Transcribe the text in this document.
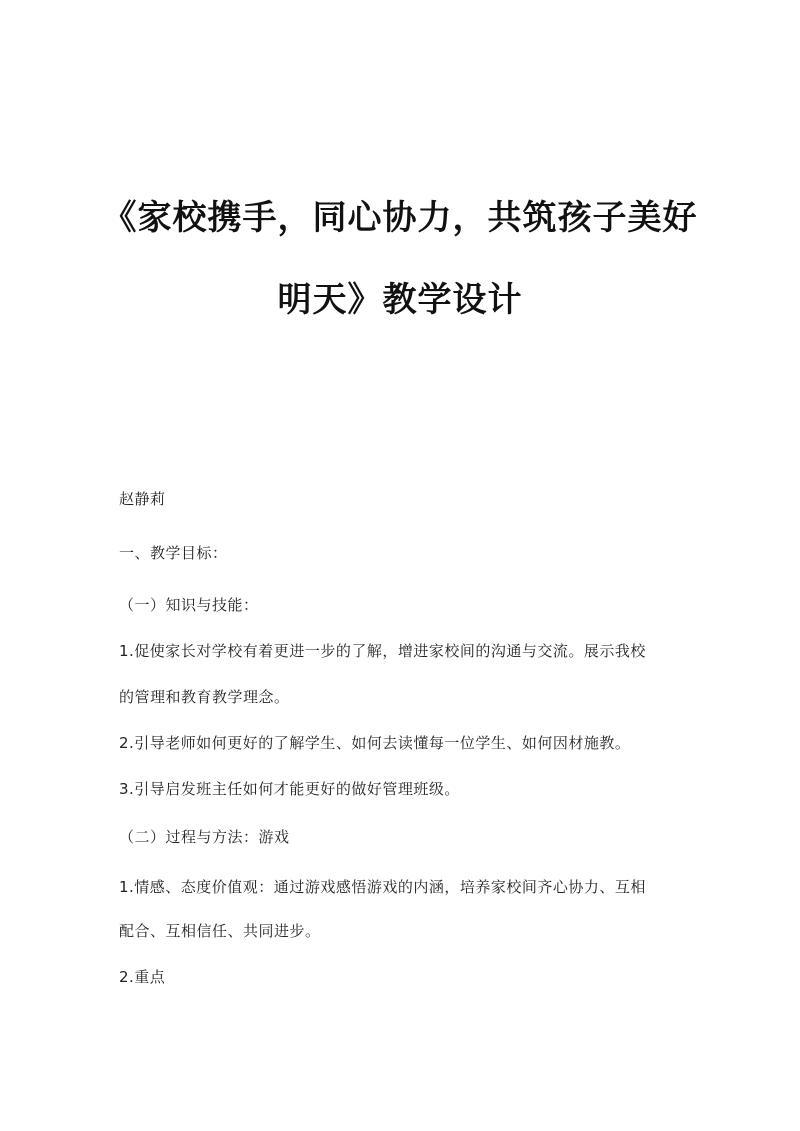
《家校携手，同心协力，共筑孩子美好
明天》教学设计
赵静莉
一、教学目标：
（一）知识与技能：
1.促使家长对学校有着更进一步的了解，增进家校间的沟通与交流。展示我校
的管理和教育教学理念。
2.引导老师如何更好的了解学生、如何去读懂每一位学生、如何因材施教。
3.引导启发班主任如何才能更好的做好管理班级。
（二）过程与方法：游戏
1.情感、态度价值观：通过游戏感悟游戏的内涵，培养家校间齐心协力、互相
配合、互相信任、共同进步。
2.重点
